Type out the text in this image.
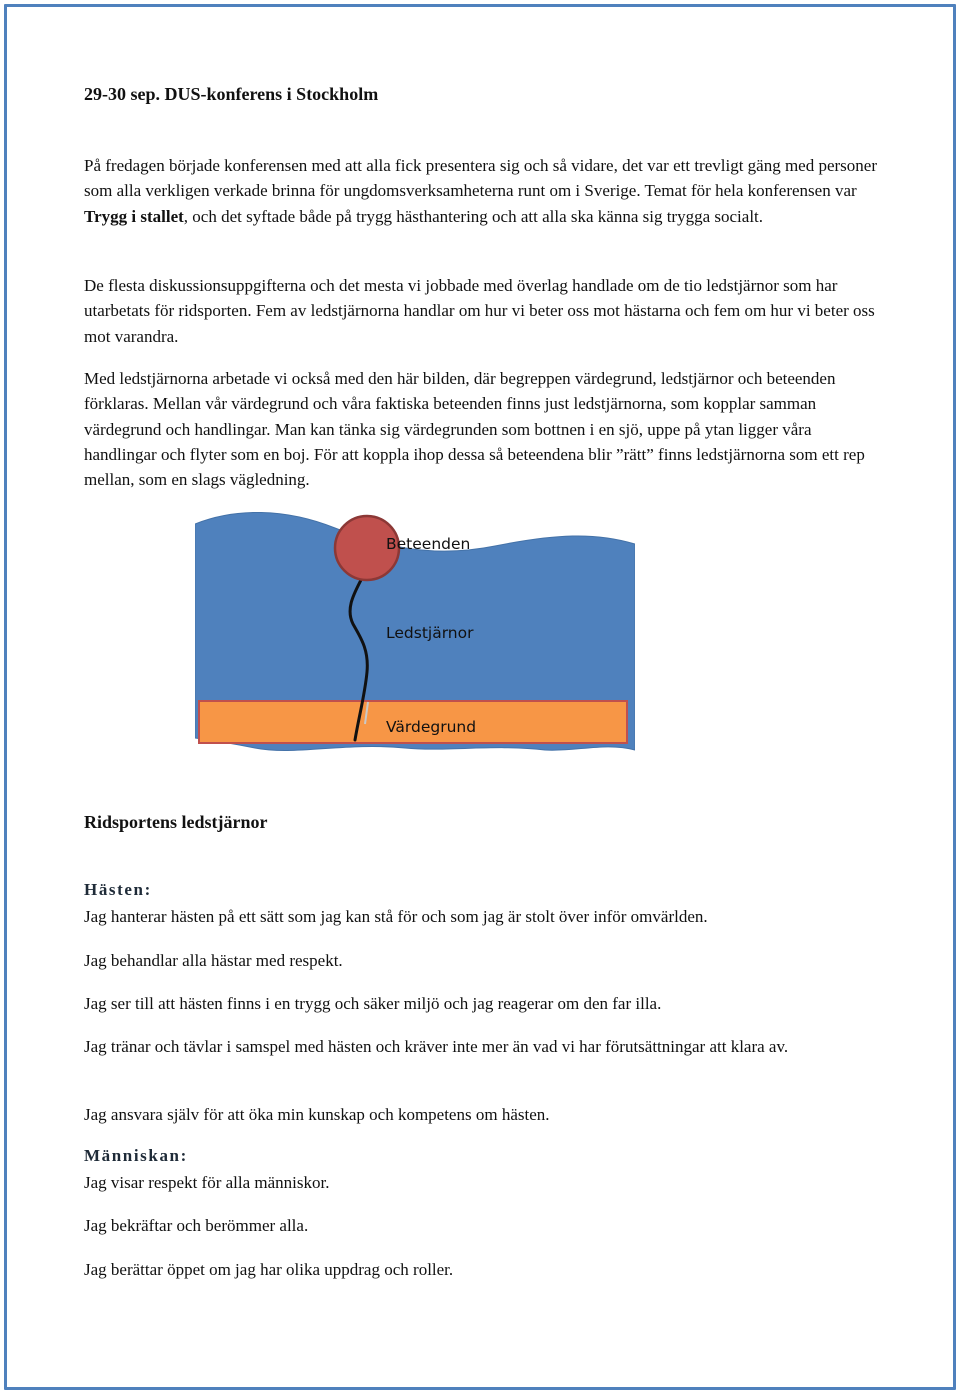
29-30 sep. DUS-konferens i Stockholm
På fredagen började konferensen med att alla fick presentera sig och så vidare, det var ett trevligt gäng med personer som alla verkligen verkade brinna för ungdomsverksamheterna runt om i Sverige. Temat för hela konferensen var Trygg i stallet, och det syftade både på trygg hästhantering och att alla ska känna sig trygga socialt.
De flesta diskussionsuppgifterna och det mesta vi jobbade med överlag handlade om de tio ledstjärnor som har utarbetats för ridsporten. Fem av ledstjärnorna handlar om hur vi beter oss mot hästarna och fem om hur vi beter oss mot varandra.
Med ledstjärnorna arbetade vi också med den här bilden, där begreppen värdegrund, ledstjärnor och beteenden förklaras. Mellan vår värdegrund och våra faktiska beteenden finns just ledstjärnorna, som kopplar samman värdegrund och handlingar. Man kan tänka sig värdegrunden som bottnen i en sjö, uppe på ytan ligger våra handlingar och flyter som en boj. För att koppla ihop dessa så beteendena blir ”rätt” finns ledstjärnorna som ett rep mellan, som en slags vägledning.
Ridsportens ledstjärnor
Hästen:
Jag hanterar hästen på ett sätt som jag kan stå för och som jag är stolt över inför omvärlden.
Jag behandlar alla hästar med respekt.
Jag ser till att hästen finns i en trygg och säker miljö och jag reagerar om den far illa.
Jag tränar och tävlar i samspel med hästen och kräver inte mer än vad vi har förutsättningar att klara av.
Jag ansvara själv för att öka min kunskap och kompetens om hästen.
Människan:
Jag visar respekt för alla människor.
Jag bekräftar och berömmer alla.
Jag berättar öppet om jag har olika uppdrag och roller.
Beteenden
Ledstjärnor
Värdegrund
